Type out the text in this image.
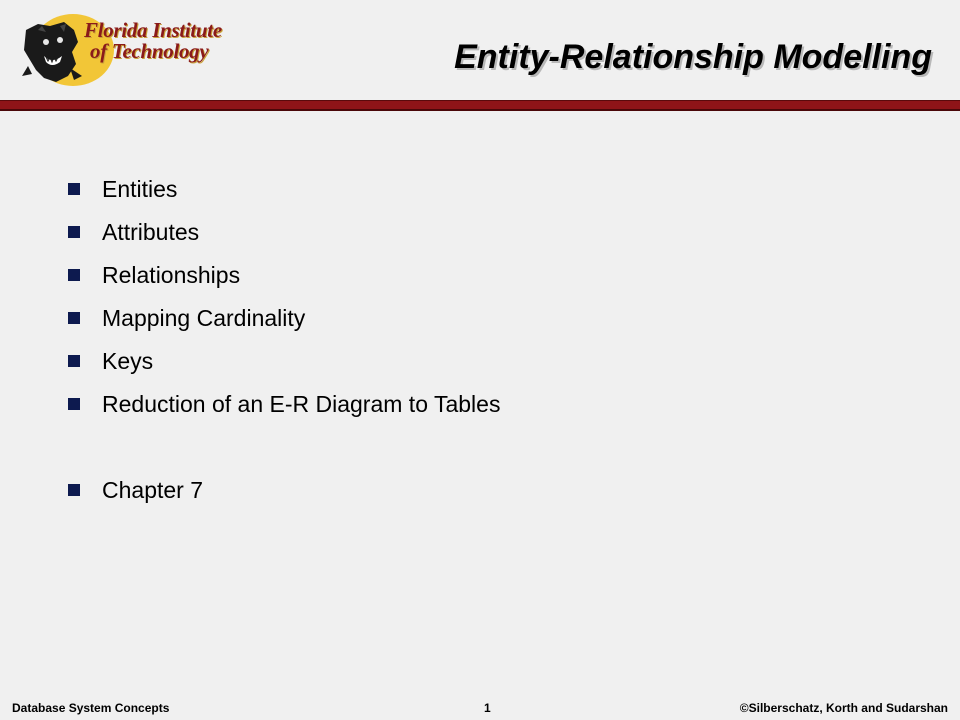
Florida Institute
of Technology	Entity-Relationship Modelling
Entities
Attributes
Relationships
Mapping Cardinality
Keys
Reduction of an E-R Diagram to Tables
Chapter 7
Database System Concepts	1	©Silberschatz, Korth and Sudarshan
